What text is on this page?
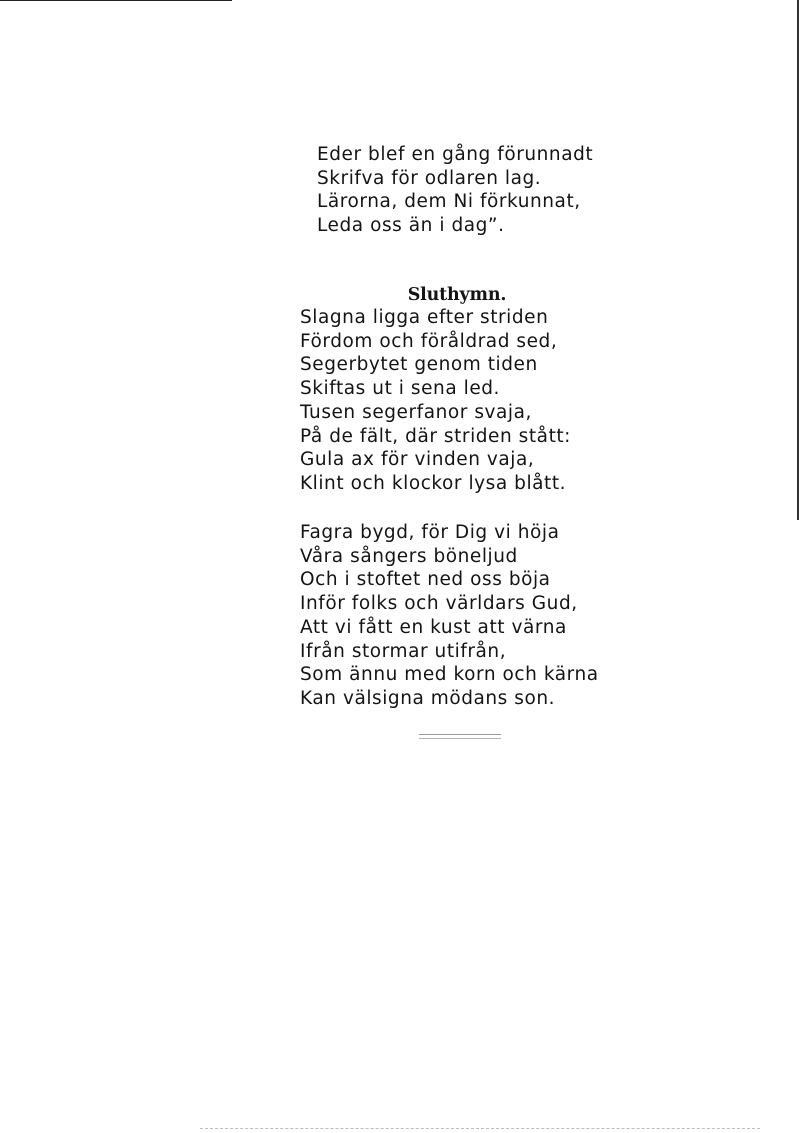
Eder blef en gång förunnadt
Skrifva för odlaren lag.
Lärorna, dem Ni förkunnat,
Leda oss än i dag”.
Sluthymn.
Slagna ligga efter striden
Fördom och föråldrad sed,
Segerbytet genom tiden
Skiftas ut i sena led.
Tusen segerfanor svaja,
På de fält, där striden stått:
Gula ax för vinden vaja,
Klint och klockor lysa blått.
Fagra bygd, för Dig vi höja
Våra sångers böneljud
Och i stoftet ned oss böja
Inför folks och världars Gud,
Att vi fått en kust att värna
Ifrån stormar utifrån,
Som ännu med korn och kärna
Kan välsigna mödans son.
